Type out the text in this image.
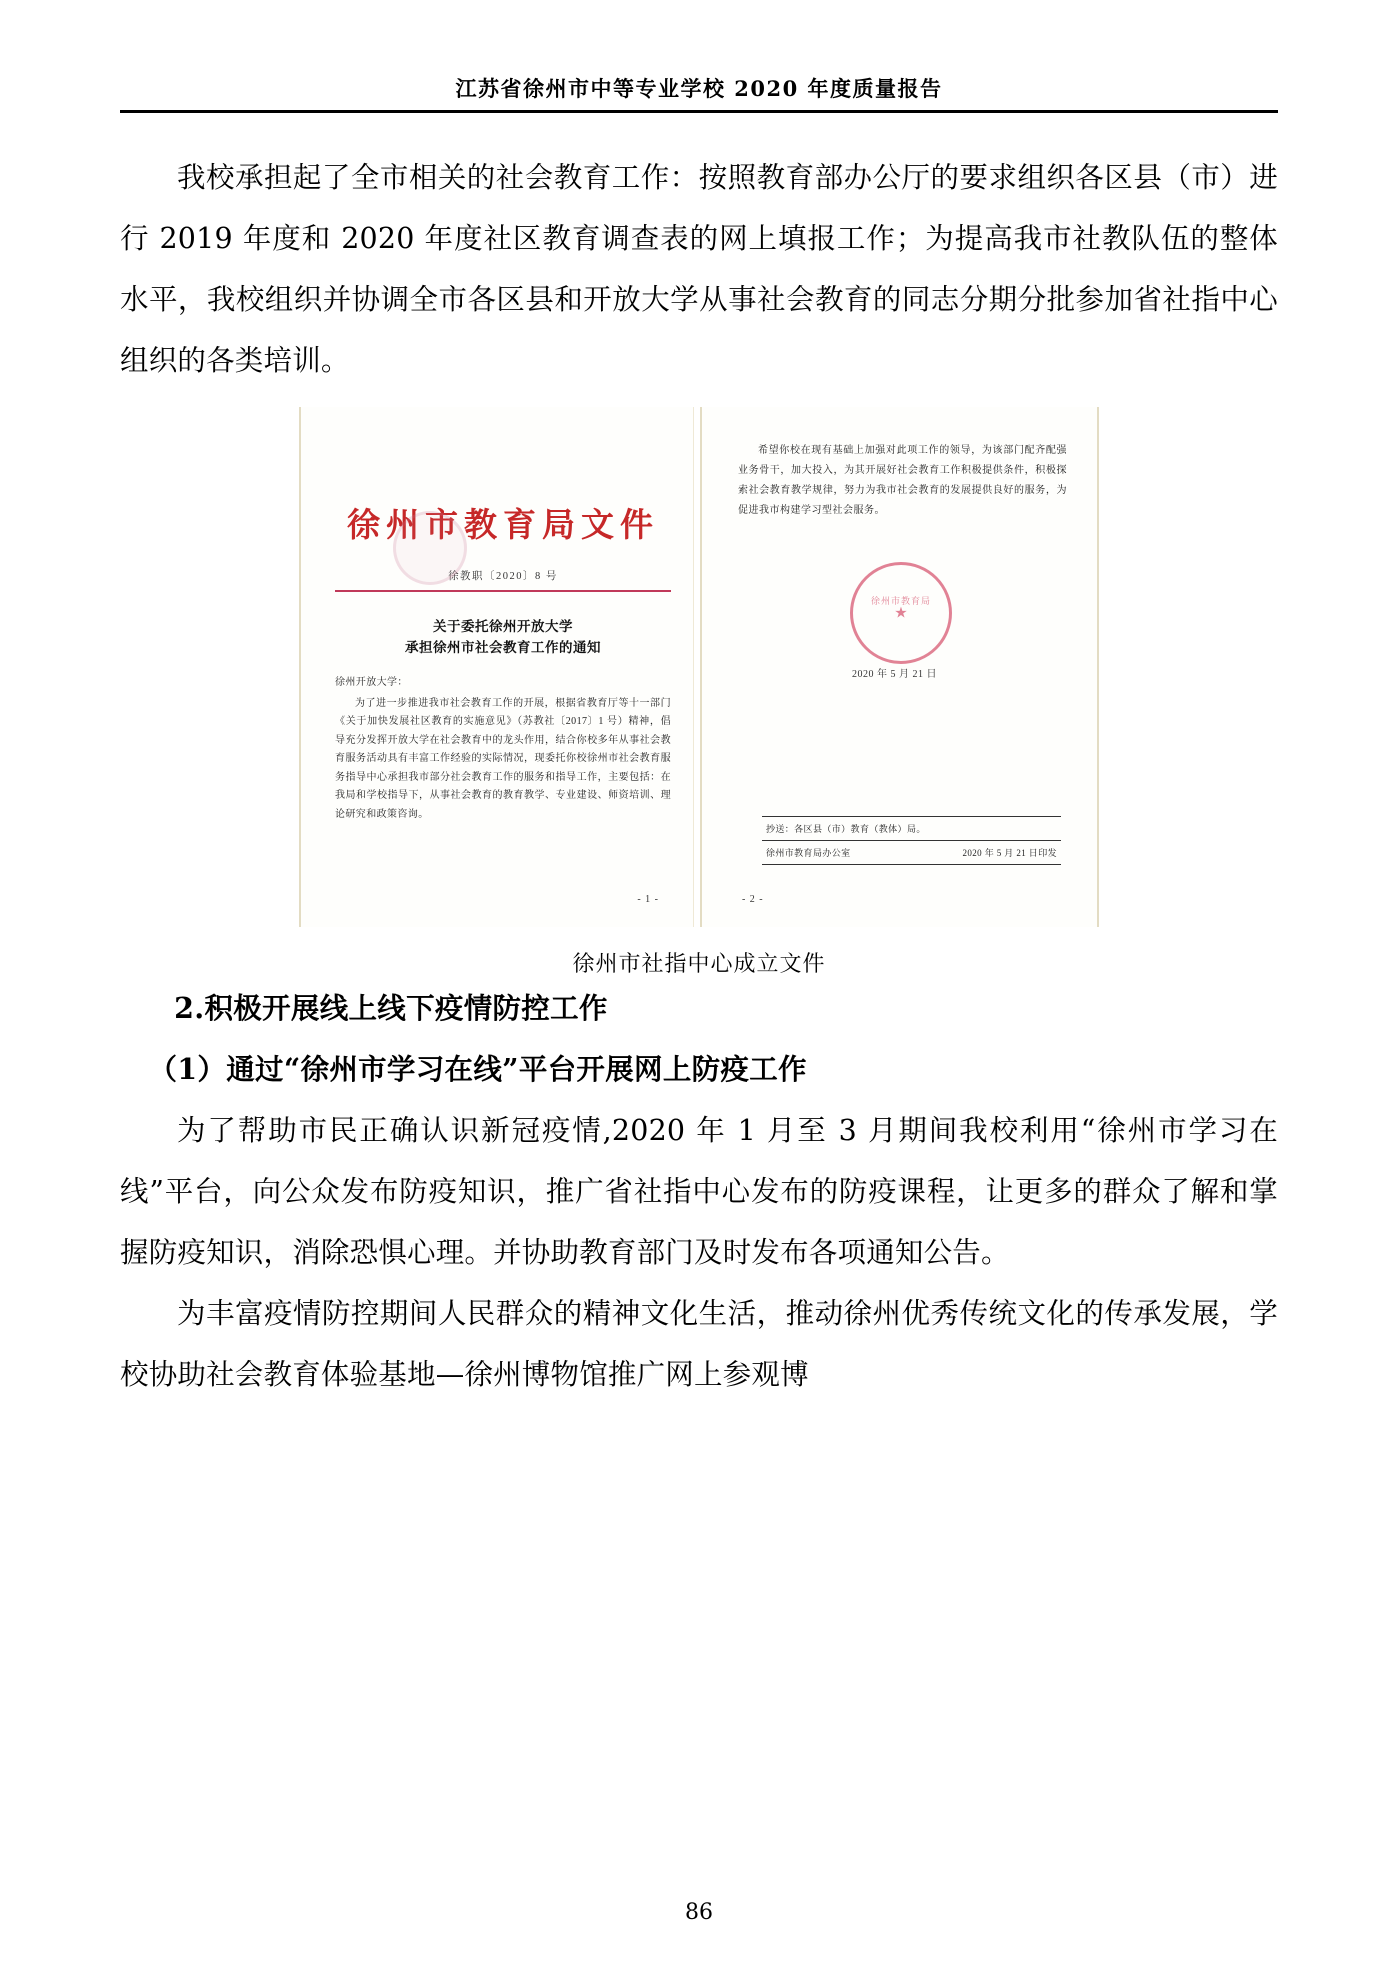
江苏省徐州市中等专业学校 2020 年度质量报告

我校承担起了全市相关的社会教育工作：按照教育部办公厅的要求组织各区县（市）进行 2019 年度和 2020 年度社区教育调查表的网上填报工作；为提高我市社教队伍的整体水平，我校组织并协调全市各区县和开放大学从事社会教育的同志分期分批参加省社指中心组织的各类培训。

徐州市教育局文件
徐教职〔2020〕8 号
关于委托徐州开放大学
承担徐州市社会教育工作的通知

徐州开放大学：

为了进一步推进我市社会教育工作的开展，根据省教育厅等十一部门《关于加快发展社区教育的实施意见》（苏教社〔2017〕1 号）精神，倡导充分发挥开放大学在社会教育中的龙头作用，结合你校多年从事社会教育服务活动具有丰富工作经验的实际情况，现委托你校徐州市社会教育服务指导中心承担我市部分社会教育工作的服务和指导工作，主要包括：在我局和学校指导下，从事社会教育的教育教学、专业建设、师资培训、理论研究和政策咨询。

- 1 -

希望你校在现有基础上加强对此项工作的领导，为该部门配齐配强业务骨干，加大投入，为其开展好社会教育工作积极提供条件，积极探索社会教育教学规律，努力为我市社会教育的发展提供良好的服务，为促进我市构建学习型社会服务。

徐州市教育局
★
2020 年 5 月 21 日
抄送：各区县（市）教育（教体）局。
徐州市教育局办公室	2020 年 5 月 21 日印发
- 2 -
徐州市社指中心成立文件
2.积极开展线上线下疫情防控工作
（1）通过“徐州市学习在线”平台开展网上防疫工作

为了帮助市民正确认识新冠疫情,2020 年 1 月至 3 月期间我校利用“徐州市学习在线”平台，向公众发布防疫知识，推广省社指中心发布的防疫课程，让更多的群众了解和掌握防疫知识，消除恐惧心理。并协助教育部门及时发布各项通知公告。

为丰富疫情防控期间人民群众的精神文化生活，推动徐州优秀传统文化的传承发展，学校协助社会教育体验基地—徐州博物馆推广网上参观博

86
